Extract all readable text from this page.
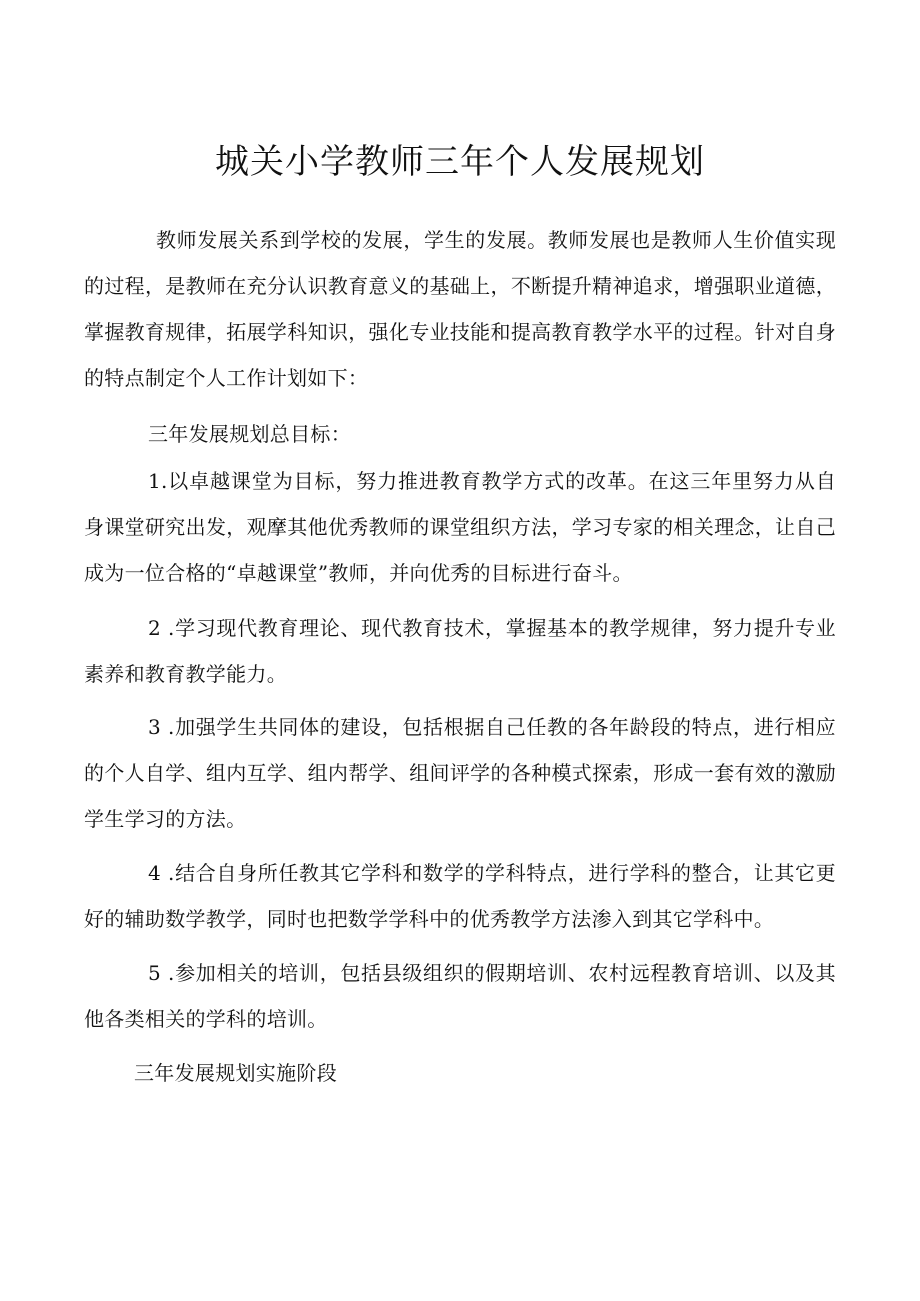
城关小学教师三年个人发展规划

教师发展关系到学校的发展，学生的发展。教师发展也是教师人生价值实现的过程，是教师在充分认识教育意义的基础上，不断提升精神追求，增强职业道德，掌握教育规律，拓展学科知识，强化专业技能和提高教育教学水平的过程。针对自身的特点制定个人工作计划如下：

三年发展规划总目标：

1.以卓越课堂为目标，努力推进教育教学方式的改革。在这三年里努力从自身课堂研究出发，观摩其他优秀教师的课堂组织方法，学习专家的相关理念，让自己成为一位合格的“卓越课堂”教师，并向优秀的目标进行奋斗。

2 .学习现代教育理论、现代教育技术，掌握基本的教学规律，努力提升专业素养和教育教学能力。

3 .加强学生共同体的建设，包括根据自己任教的各年龄段的特点，进行相应的个人自学、组内互学、组内帮学、组间评学的各种模式探索，形成一套有效的激励学生学习的方法。

4 .结合自身所任教其它学科和数学的学科特点，进行学科的整合，让其它更好的辅助数学教学，同时也把数学学科中的优秀教学方法渗入到其它学科中。

5 .参加相关的培训，包括县级组织的假期培训、农村远程教育培训、以及其他各类相关的学科的培训。

三年发展规划实施阶段
